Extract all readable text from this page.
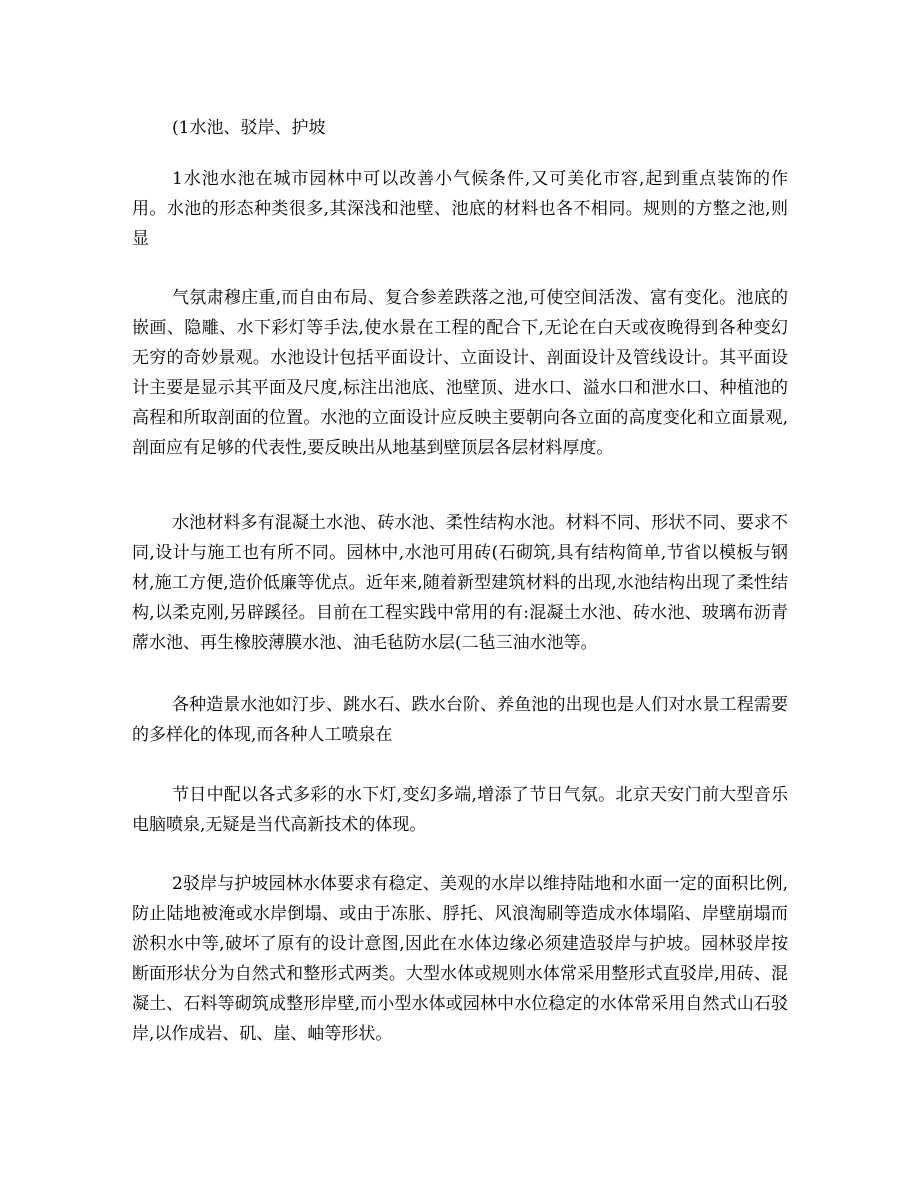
(1水池、驳岸、护坡

1水池水池在城市园林中可以改善小气候条件,又可美化市容,起到重点装饰的作用。水池的形态种类很多,其深浅和池壁、池底的材料也各不相同。规则的方整之池,则显

气氛肃穆庄重,而自由布局、复合参差跌落之池,可使空间活泼、富有变化。池底的嵌画、隐雕、水下彩灯等手法,使水景在工程的配合下,无论在白天或夜晚得到各种变幻无穷的奇妙景观。水池设计包括平面设计、立面设计、剖面设计及管线设计。其平面设计主要是显示其平面及尺度,标注出池底、池壁顶、进水口、溢水口和泄水口、种植池的高程和所取剖面的位置。水池的立面设计应反映主要朝向各立面的高度变化和立面景观,剖面应有足够的代表性,要反映出从地基到壁顶层各层材料厚度。

水池材料多有混凝土水池、砖水池、柔性结构水池。材料不同、形状不同、要求不同,设计与施工也有所不同。园林中,水池可用砖(石砌筑,具有结构简单,节省以模板与钢材,施工方便,造价低廉等优点。近年来,随着新型建筑材料的出现,水池结构出现了柔性结构,以柔克刚,另辟蹊径。目前在工程实践中常用的有:混凝土水池、砖水池、玻璃布沥青蓆水池、再生橡胶薄膜水池、油毛毡防水层(二毡三油水池等。

各种造景水池如汀步、跳水石、跌水台阶、养鱼池的出现也是人们对水景工程需要的多样化的体现,而各种人工喷泉在

节日中配以各式多彩的水下灯,变幻多端,增添了节日气氛。北京天安门前大型音乐电脑喷泉,无疑是当代高新技术的体现。

2驳岸与护坡园林水体要求有稳定、美观的水岸以维持陆地和水面一定的面积比例,防止陆地被淹或水岸倒塌、或由于冻胀、脬托、风浪淘刷等造成水体塌陷、岸壁崩塌而淤积水中等,破坏了原有的设计意图,因此在水体边缘必须建造驳岸与护坡。园林驳岸按断面形状分为自然式和整形式两类。大型水体或规则水体常采用整形式直驳岸,用砖、混凝土、石料等砌筑成整形岸壁,而小型水体或园林中水位稳定的水体常采用自然式山石驳岸,以作成岩、矶、崖、岫等形状。
